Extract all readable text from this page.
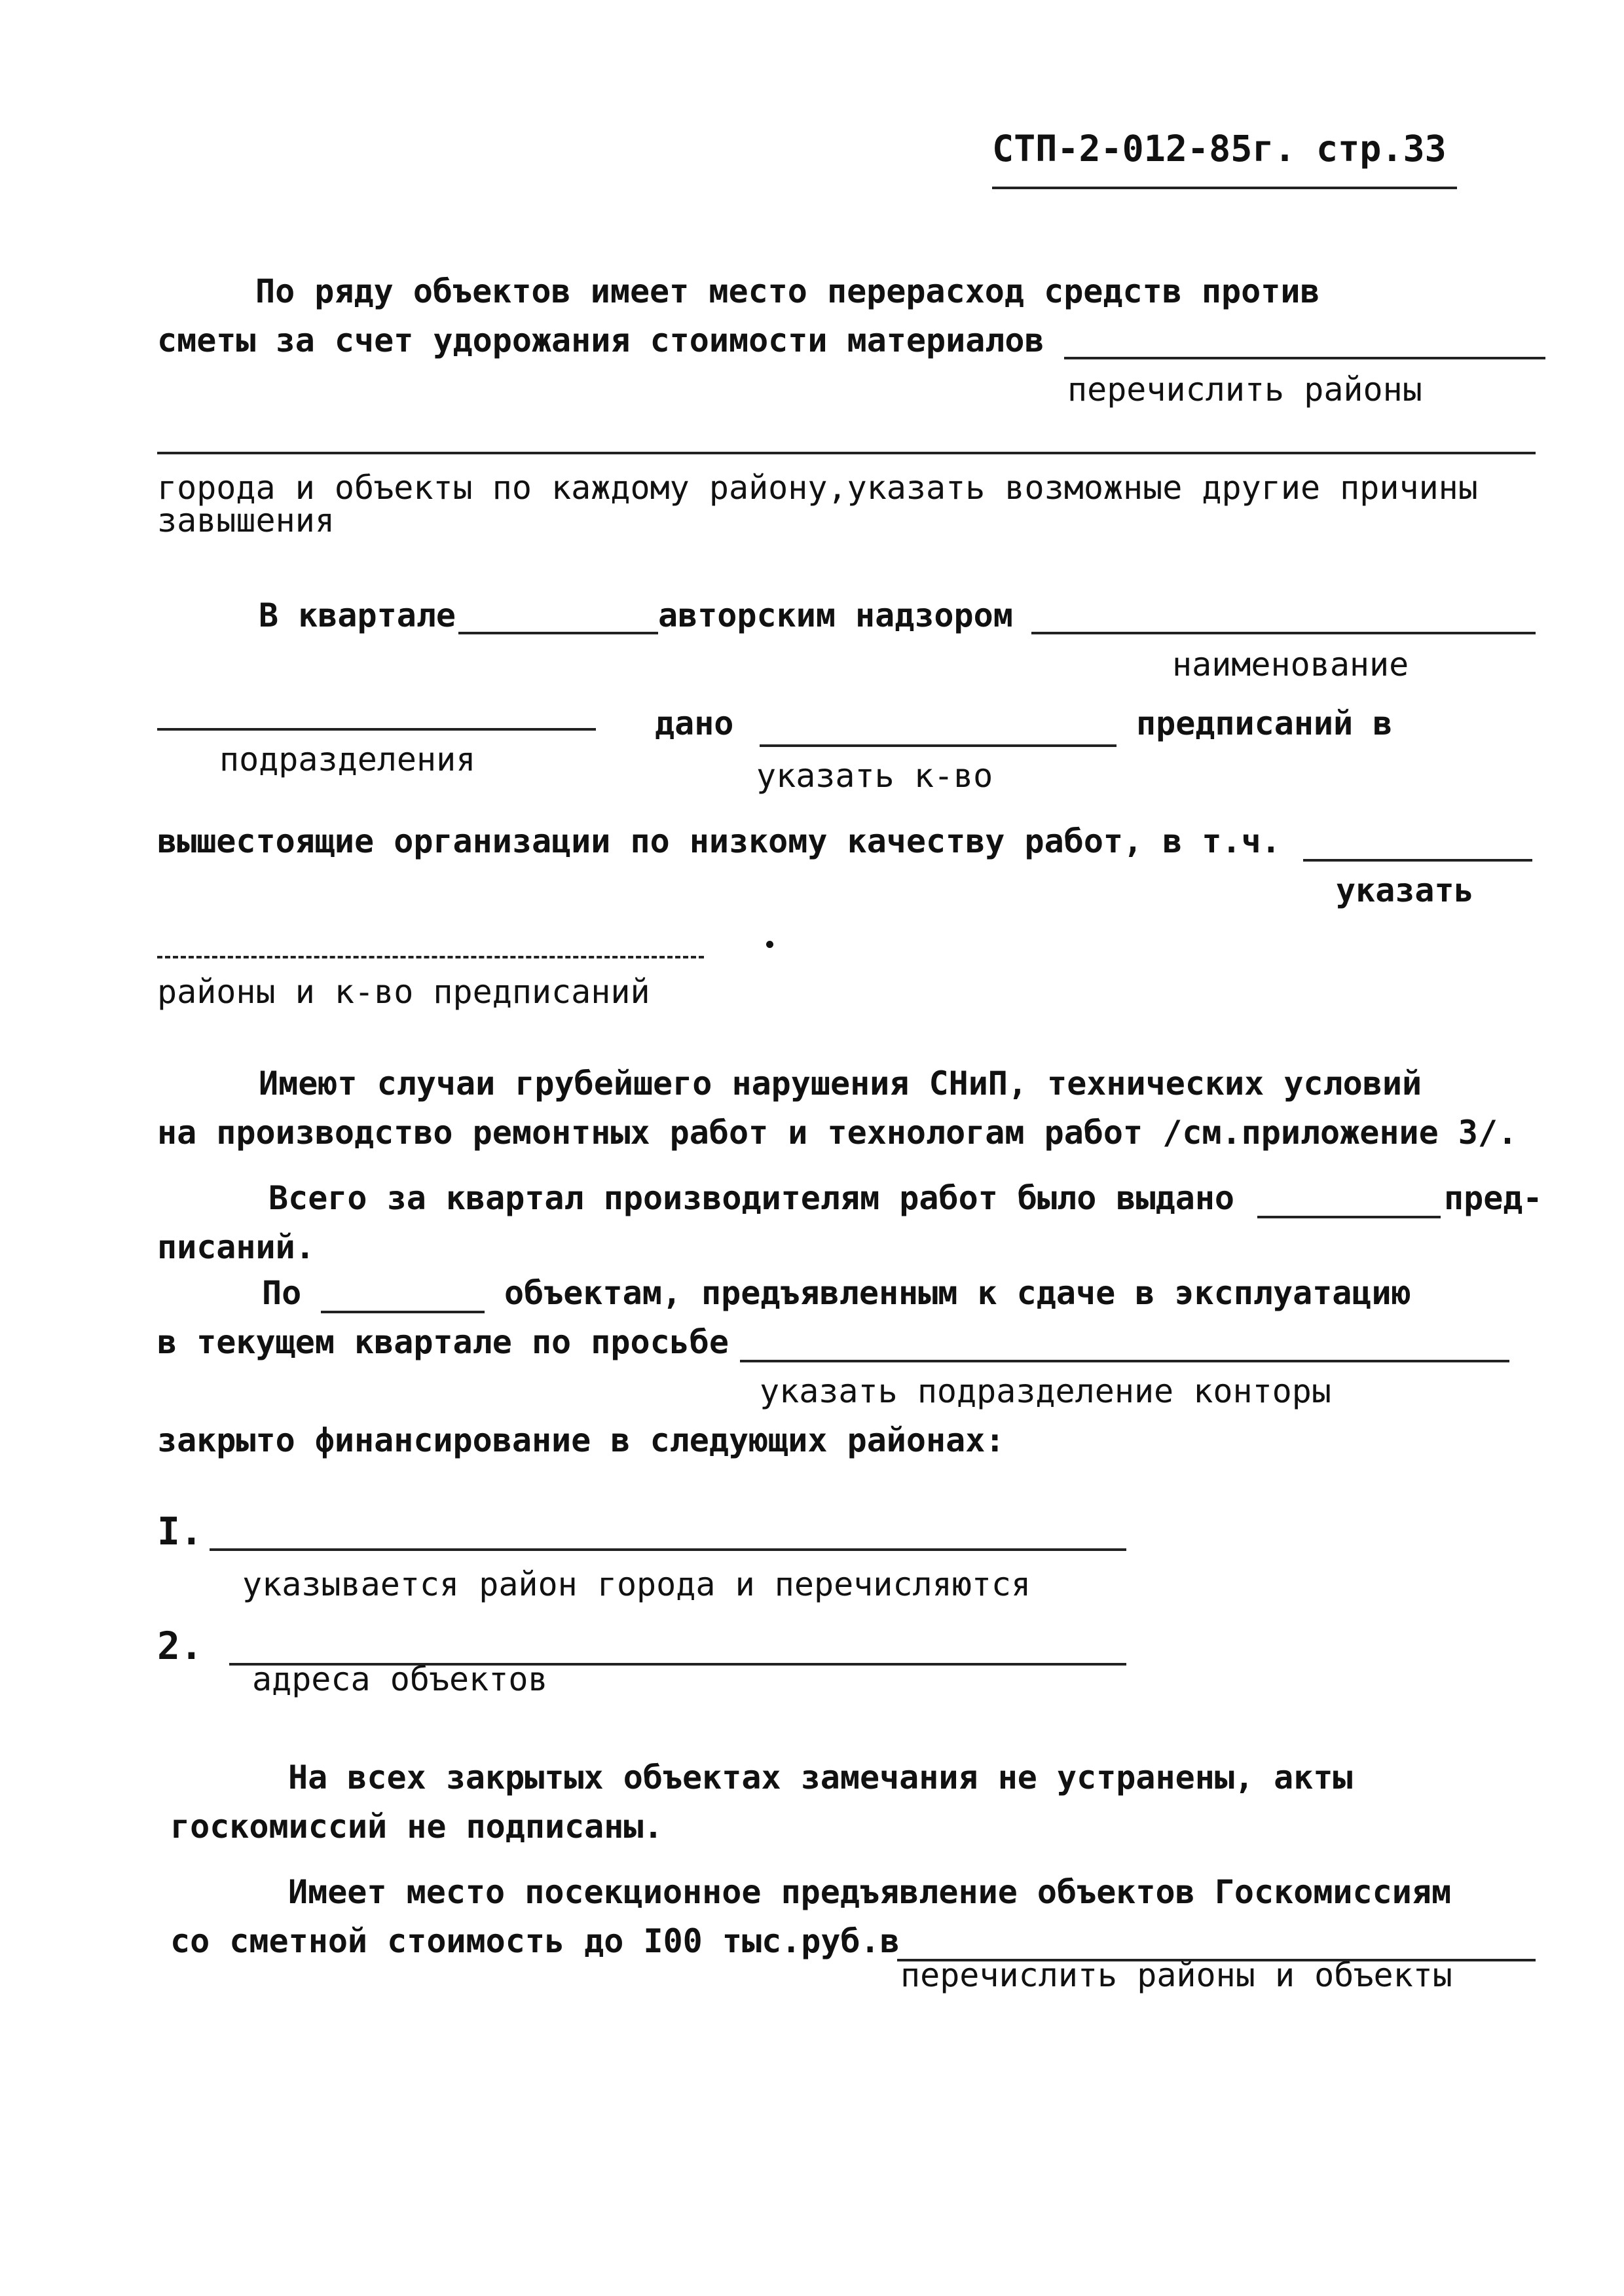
СТП-2-012-85г. стр.33
По ряду объектов имеет место перерасход средств против
сметы за счет удорожания стоимости материалов
перечислить районы
города и объекты по каждому району,указать возможные другие причины
завышения
В квартале	авторским надзором
наименование
дано	предписаний в
подразделения	указать к-во
вышестоящие организации по низкому качеству работ, в т.ч.
указать
районы и к-во предписаний
Имеют случаи грубейшего нарушения СНиП, технических условий
на производство ремонтных работ и технологам работ /см.приложение 3/.
Всего за квартал производителям работ было выдано	пред-
писаний.
По	объектам, предъявленным к сдаче в эксплуатацию
в текущем квартале по просьбе
указать подразделение конторы
закрыто финансирование в следующих районах:
I.
указывается район города и перечисляются
2.
адреса объектов
На всех закрытых объектах замечания не устранены, акты
госкомиссий не подписаны.
Имеет место посекционное предъявление объектов Госкомиссиям
со сметной стоимость до I00 тыс.руб.в
перечислить районы и объекты
